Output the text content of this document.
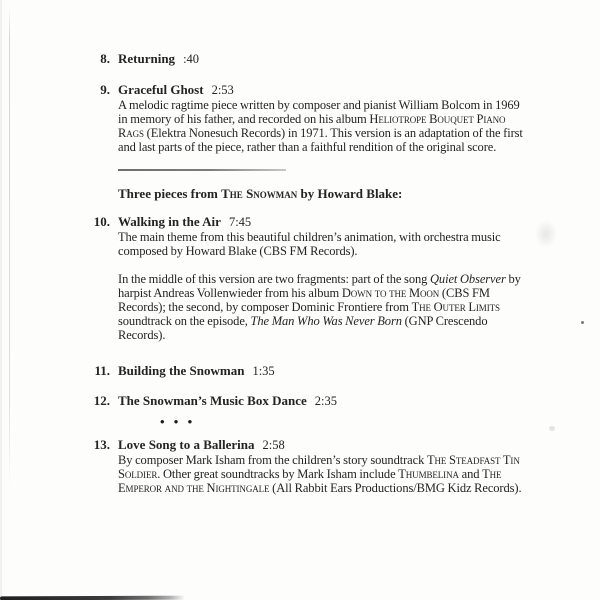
8. Returning :40
9. Graceful Ghost 2:53

A melodic ragtime piece written by composer and pianist William Bolcom in 1969 in memory of his father, and recorded on his album Heliotrope Bouquet Piano Rags (Elektra Nonesuch Records) in 1971. This version is an adaptation of the first and last parts of the piece, rather than a faithful rendition of the original score.

Three pieces from The Snowman by Howard Blake:
10. Walking in the Air 7:45

The main theme from this beautiful children’s animation, with orchestra music composed by Howard Blake (CBS FM Records).

In the middle of this version are two fragments: part of the song Quiet Observer by harpist Andreas Vollenwieder from his album Down to the Moon (CBS FM Records); the second, by composer Dominic Frontiere from The Outer Limits soundtrack on the episode, The Man Who Was Never Born (GNP Crescendo Records).

11. Building the Snowman 1:35
12. The Snowman’s Music Box Dance 2:35
• • •
13. Love Song to a Ballerina 2:58

By composer Mark Isham from the children’s story soundtrack The Steadfast Tin Soldier. Other great soundtracks by Mark Isham include Thumbelina and The Emperor and the Nightingale (All Rabbit Ears Productions/BMG Kidz Records).
